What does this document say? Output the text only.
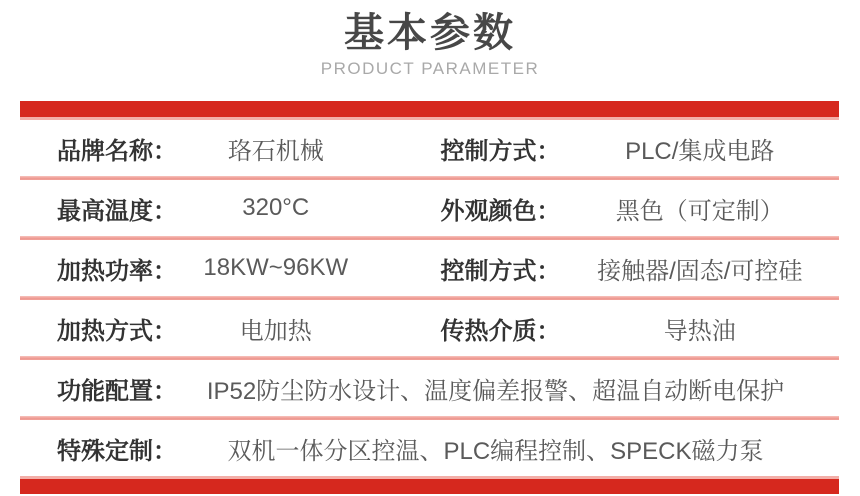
基本参数
PRODUCT PARAMETER
品牌名称：	珞石机械	控制方式：	PLC/集成电路
最高温度：	320°C	外观颜色：	黑色（可定制）
加热功率：	18KW~96KW	控制方式：	接触器/固态/可控硅
加热方式：	电加热	传热介质：	导热油
功能配置：	IP52防尘防水设计、温度偏差报警、超温自动断电保护
特殊定制：	双机一体分区控温、PLC编程控制、SPECK磁力泵
